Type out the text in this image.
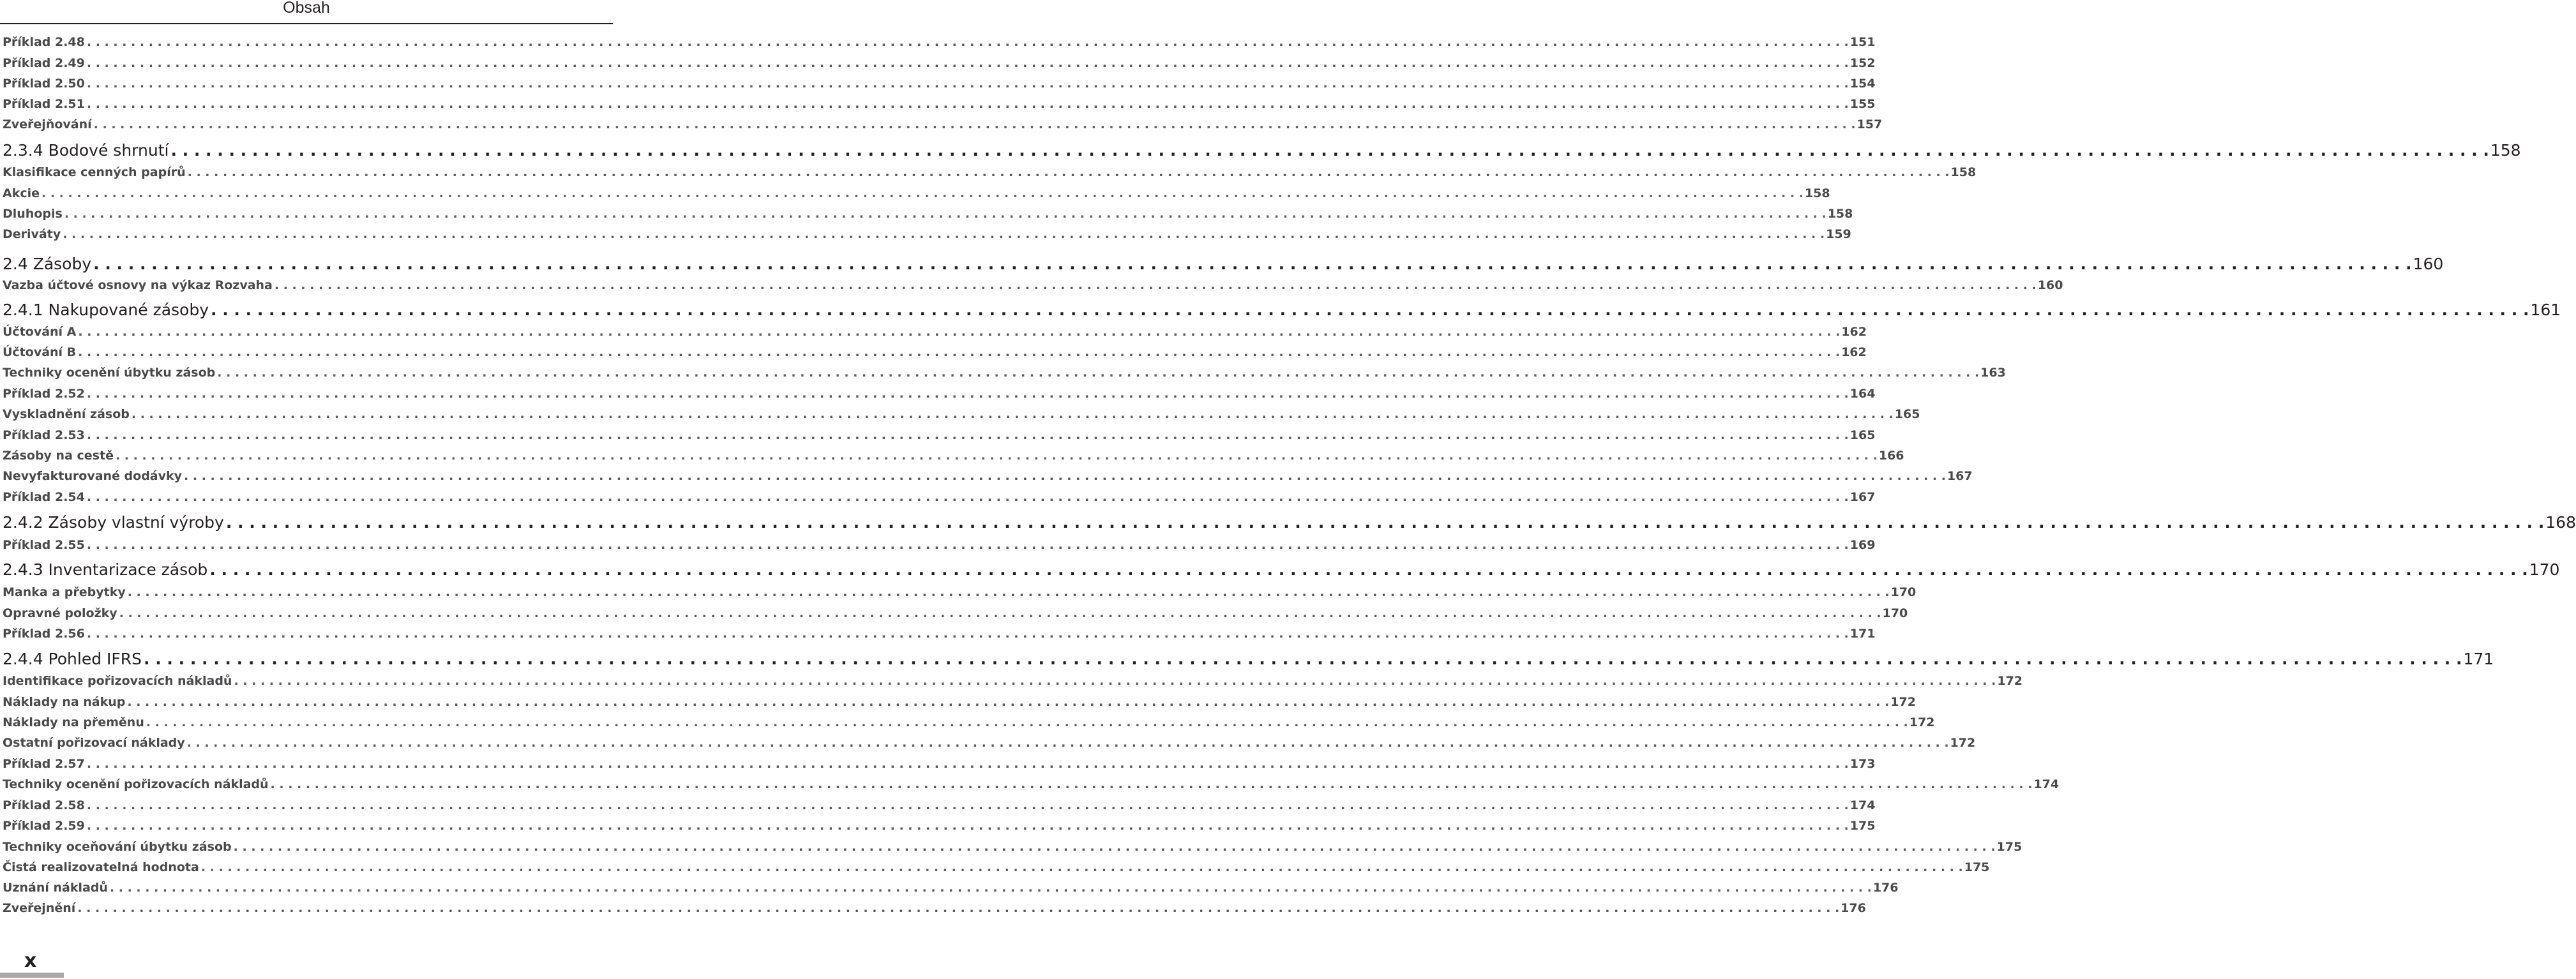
Obsah
Příklad 2.48 . . . . . . . . . . . . . . . . . . . . . . . . . . . . . . . . . . . . . . . . . . . . . . . . . . . . . . . . . . . . . . . . . . . . . . . . . . . . . . . . . . . . . . . . . . . . . . . . . . . . . . . . . . . . . . . . . . . . . . . . . . . . . . . . . . . . . . . . . . . . . . . . . . . . . . . . . . . . . . . . . . . . . . . . . . . . . . . . . . . . . . . . . . . . . . . . . . . . . . . . 151
Příklad 2.49 . . . . . . . . . . . . . . . . . . . . . . . . . . . . . . . . . . . . . . . . . . . . . . . . . . . . . . . . . . . . . . . . . . . . . . . . . . . . . . . . . . . . . . . . . . . . . . . . . . . . . . . . . . . . . . . . . . . . . . . . . . . . . . . . . . . . . . . . . . . . . . . . . . . . . . . . . . . . . . . . . . . . . . . . . . . . . . . . . . . . . . . . . . . . . . . . . . . . . . . . 152
Příklad 2.50 . . . . . . . . . . . . . . . . . . . . . . . . . . . . . . . . . . . . . . . . . . . . . . . . . . . . . . . . . . . . . . . . . . . . . . . . . . . . . . . . . . . . . . . . . . . . . . . . . . . . . . . . . . . . . . . . . . . . . . . . . . . . . . . . . . . . . . . . . . . . . . . . . . . . . . . . . . . . . . . . . . . . . . . . . . . . . . . . . . . . . . . . . . . . . . . . . . . . . . . . 154
Příklad 2.51 . . . . . . . . . . . . . . . . . . . . . . . . . . . . . . . . . . . . . . . . . . . . . . . . . . . . . . . . . . . . . . . . . . . . . . . . . . . . . . . . . . . . . . . . . . . . . . . . . . . . . . . . . . . . . . . . . . . . . . . . . . . . . . . . . . . . . . . . . . . . . . . . . . . . . . . . . . . . . . . . . . . . . . . . . . . . . . . . . . . . . . . . . . . . . . . . . . . . . . . . 155
Zveřejňování . . . . . . . . . . . . . . . . . . . . . . . . . . . . . . . . . . . . . . . . . . . . . . . . . . . . . . . . . . . . . . . . . . . . . . . . . . . . . . . . . . . . . . . . . . . . . . . . . . . . . . . . . . . . . . . . . . . . . . . . . . . . . . . . . . . . . . . . . . . . . . . . . . . . . . . . . . . . . . . . . . . . . . . . . . . . . . . . . . . . . . . . . . . . . . . . . . . . . . . . 157
2.3.4 Bodové shrnutí . . . . . . . . . . . . . . . . . . . . . . . . . . . . . . . . . . . . . . . . . . . . . . . . . . . . . . . . . . . . . . . . . . . . . . . . . . . . . . . . . . . . . . . . . . . . . . . . . . . . . . . . . . . . . . . . . . . . . . . . . . . . . . . . . . . . . . . . . . . . . . . . . . . . . . . . . . . . . . . . . . . . . . . . . . . . . . . . . . . . . . . . . . . . . . . . . . . . . . . . 158
Klasifikace cenných papírů . . . . . . . . . . . . . . . . . . . . . . . . . . . . . . . . . . . . . . . . . . . . . . . . . . . . . . . . . . . . . . . . . . . . . . . . . . . . . . . . . . . . . . . . . . . . . . . . . . . . . . . . . . . . . . . . . . . . . . . . . . . . . . . . . . . . . . . . . . . . . . . . . . . . . . . . . . . . . . . . . . . . . . . . . . . . . . . . . . . . . . . . . . . . . . . . . . . . . . . . 158
Akcie . . . . . . . . . . . . . . . . . . . . . . . . . . . . . . . . . . . . . . . . . . . . . . . . . . . . . . . . . . . . . . . . . . . . . . . . . . . . . . . . . . . . . . . . . . . . . . . . . . . . . . . . . . . . . . . . . . . . . . . . . . . . . . . . . . . . . . . . . . . . . . . . . . . . . . . . . . . . . . . . . . . . . . . . . . . . . . . . . . . . . . . . . . . . . . . . . . . . . . . . 158
Dluhopis . . . . . . . . . . . . . . . . . . . . . . . . . . . . . . . . . . . . . . . . . . . . . . . . . . . . . . . . . . . . . . . . . . . . . . . . . . . . . . . . . . . . . . . . . . . . . . . . . . . . . . . . . . . . . . . . . . . . . . . . . . . . . . . . . . . . . . . . . . . . . . . . . . . . . . . . . . . . . . . . . . . . . . . . . . . . . . . . . . . . . . . . . . . . . . . . . . . . . . . . 158
Deriváty . . . . . . . . . . . . . . . . . . . . . . . . . . . . . . . . . . . . . . . . . . . . . . . . . . . . . . . . . . . . . . . . . . . . . . . . . . . . . . . . . . . . . . . . . . . . . . . . . . . . . . . . . . . . . . . . . . . . . . . . . . . . . . . . . . . . . . . . . . . . . . . . . . . . . . . . . . . . . . . . . . . . . . . . . . . . . . . . . . . . . . . . . . . . . . . . . . . . . . . . 159
2.4 Zásoby . . . . . . . . . . . . . . . . . . . . . . . . . . . . . . . . . . . . . . . . . . . . . . . . . . . . . . . . . . . . . . . . . . . . . . . . . . . . . . . . . . . . . . . . . . . . . . . . . . . . . . . . . . . . . . . . . . . . . . . . . . . . . . . . . . . . . . . . . . . . . . . . . . . . . . . . . . . . . . . . . . . . . . . . . . . . . . . . . . . . . . . . . . . . . . . . . . . . . . . . 160
Vazba účtové osnovy na výkaz Rozvaha . . . . . . . . . . . . . . . . . . . . . . . . . . . . . . . . . . . . . . . . . . . . . . . . . . . . . . . . . . . . . . . . . . . . . . . . . . . . . . . . . . . . . . . . . . . . . . . . . . . . . . . . . . . . . . . . . . . . . . . . . . . . . . . . . . . . . . . . . . . . . . . . . . . . . . . . . . . . . . . . . . . . . . . . . . . . . . . . . . . . . . . . . . . . . . . . . . . . . . . . 160
2.4.1 Nakupované zásoby . . . . . . . . . . . . . . . . . . . . . . . . . . . . . . . . . . . . . . . . . . . . . . . . . . . . . . . . . . . . . . . . . . . . . . . . . . . . . . . . . . . . . . . . . . . . . . . . . . . . . . . . . . . . . . . . . . . . . . . . . . . . . . . . . . . . . . . . . . . . . . . . . . . . . . . . . . . . . . . . . . . . . . . . . . . . . . . . . . . . . . . . . . . . . . . . . . . . . . . . 161
Účtování A . . . . . . . . . . . . . . . . . . . . . . . . . . . . . . . . . . . . . . . . . . . . . . . . . . . . . . . . . . . . . . . . . . . . . . . . . . . . . . . . . . . . . . . . . . . . . . . . . . . . . . . . . . . . . . . . . . . . . . . . . . . . . . . . . . . . . . . . . . . . . . . . . . . . . . . . . . . . . . . . . . . . . . . . . . . . . . . . . . . . . . . . . . . . . . . . . . . . . . . . 162
Účtování B . . . . . . . . . . . . . . . . . . . . . . . . . . . . . . . . . . . . . . . . . . . . . . . . . . . . . . . . . . . . . . . . . . . . . . . . . . . . . . . . . . . . . . . . . . . . . . . . . . . . . . . . . . . . . . . . . . . . . . . . . . . . . . . . . . . . . . . . . . . . . . . . . . . . . . . . . . . . . . . . . . . . . . . . . . . . . . . . . . . . . . . . . . . . . . . . . . . . . . . . 162
Techniky ocenění úbytku zásob . . . . . . . . . . . . . . . . . . . . . . . . . . . . . . . . . . . . . . . . . . . . . . . . . . . . . . . . . . . . . . . . . . . . . . . . . . . . . . . . . . . . . . . . . . . . . . . . . . . . . . . . . . . . . . . . . . . . . . . . . . . . . . . . . . . . . . . . . . . . . . . . . . . . . . . . . . . . . . . . . . . . . . . . . . . . . . . . . . . . . . . . . . . . . . . . . . . . . . . . 163
Příklad 2.52 . . . . . . . . . . . . . . . . . . . . . . . . . . . . . . . . . . . . . . . . . . . . . . . . . . . . . . . . . . . . . . . . . . . . . . . . . . . . . . . . . . . . . . . . . . . . . . . . . . . . . . . . . . . . . . . . . . . . . . . . . . . . . . . . . . . . . . . . . . . . . . . . . . . . . . . . . . . . . . . . . . . . . . . . . . . . . . . . . . . . . . . . . . . . . . . . . . . . . . . . 164
Vyskladnění zásob . . . . . . . . . . . . . . . . . . . . . . . . . . . . . . . . . . . . . . . . . . . . . . . . . . . . . . . . . . . . . . . . . . . . . . . . . . . . . . . . . . . . . . . . . . . . . . . . . . . . . . . . . . . . . . . . . . . . . . . . . . . . . . . . . . . . . . . . . . . . . . . . . . . . . . . . . . . . . . . . . . . . . . . . . . . . . . . . . . . . . . . . . . . . . . . . . . . . . . . . 165
Příklad 2.53 . . . . . . . . . . . . . . . . . . . . . . . . . . . . . . . . . . . . . . . . . . . . . . . . . . . . . . . . . . . . . . . . . . . . . . . . . . . . . . . . . . . . . . . . . . . . . . . . . . . . . . . . . . . . . . . . . . . . . . . . . . . . . . . . . . . . . . . . . . . . . . . . . . . . . . . . . . . . . . . . . . . . . . . . . . . . . . . . . . . . . . . . . . . . . . . . . . . . . . . . 165
Zásoby na cestě . . . . . . . . . . . . . . . . . . . . . . . . . . . . . . . . . . . . . . . . . . . . . . . . . . . . . . . . . . . . . . . . . . . . . . . . . . . . . . . . . . . . . . . . . . . . . . . . . . . . . . . . . . . . . . . . . . . . . . . . . . . . . . . . . . . . . . . . . . . . . . . . . . . . . . . . . . . . . . . . . . . . . . . . . . . . . . . . . . . . . . . . . . . . . . . . . . . . . . . . 166
Nevyfakturované dodávky . . . . . . . . . . . . . . . . . . . . . . . . . . . . . . . . . . . . . . . . . . . . . . . . . . . . . . . . . . . . . . . . . . . . . . . . . . . . . . . . . . . . . . . . . . . . . . . . . . . . . . . . . . . . . . . . . . . . . . . . . . . . . . . . . . . . . . . . . . . . . . . . . . . . . . . . . . . . . . . . . . . . . . . . . . . . . . . . . . . . . . . . . . . . . . . . . . . . . . . . 167
Příklad 2.54 . . . . . . . . . . . . . . . . . . . . . . . . . . . . . . . . . . . . . . . . . . . . . . . . . . . . . . . . . . . . . . . . . . . . . . . . . . . . . . . . . . . . . . . . . . . . . . . . . . . . . . . . . . . . . . . . . . . . . . . . . . . . . . . . . . . . . . . . . . . . . . . . . . . . . . . . . . . . . . . . . . . . . . . . . . . . . . . . . . . . . . . . . . . . . . . . . . . . . . . . 167
2.4.2 Zásoby vlastní výroby . . . . . . . . . . . . . . . . . . . . . . . . . . . . . . . . . . . . . . . . . . . . . . . . . . . . . . . . . . . . . . . . . . . . . . . . . . . . . . . . . . . . . . . . . . . . . . . . . . . . . . . . . . . . . . . . . . . . . . . . . . . . . . . . . . . . . . . . . . . . . . . . . . . . . . . . . . . . . . . . . . . . . . . . . . . . . . . . . . . . . . . . . . . . . . . . . . . . . . . . 168
Příklad 2.55 . . . . . . . . . . . . . . . . . . . . . . . . . . . . . . . . . . . . . . . . . . . . . . . . . . . . . . . . . . . . . . . . . . . . . . . . . . . . . . . . . . . . . . . . . . . . . . . . . . . . . . . . . . . . . . . . . . . . . . . . . . . . . . . . . . . . . . . . . . . . . . . . . . . . . . . . . . . . . . . . . . . . . . . . . . . . . . . . . . . . . . . . . . . . . . . . . . . . . . . . 169
2.4.3 Inventarizace zásob . . . . . . . . . . . . . . . . . . . . . . . . . . . . . . . . . . . . . . . . . . . . . . . . . . . . . . . . . . . . . . . . . . . . . . . . . . . . . . . . . . . . . . . . . . . . . . . . . . . . . . . . . . . . . . . . . . . . . . . . . . . . . . . . . . . . . . . . . . . . . . . . . . . . . . . . . . . . . . . . . . . . . . . . . . . . . . . . . . . . . . . . . . . . . . . . . . . . . . . . 170
Manka a přebytky . . . . . . . . . . . . . . . . . . . . . . . . . . . . . . . . . . . . . . . . . . . . . . . . . . . . . . . . . . . . . . . . . . . . . . . . . . . . . . . . . . . . . . . . . . . . . . . . . . . . . . . . . . . . . . . . . . . . . . . . . . . . . . . . . . . . . . . . . . . . . . . . . . . . . . . . . . . . . . . . . . . . . . . . . . . . . . . . . . . . . . . . . . . . . . . . . . . . . . . . 170
Opravné položky . . . . . . . . . . . . . . . . . . . . . . . . . . . . . . . . . . . . . . . . . . . . . . . . . . . . . . . . . . . . . . . . . . . . . . . . . . . . . . . . . . . . . . . . . . . . . . . . . . . . . . . . . . . . . . . . . . . . . . . . . . . . . . . . . . . . . . . . . . . . . . . . . . . . . . . . . . . . . . . . . . . . . . . . . . . . . . . . . . . . . . . . . . . . . . . . . . . . . . . . 170
Příklad 2.56 . . . . . . . . . . . . . . . . . . . . . . . . . . . . . . . . . . . . . . . . . . . . . . . . . . . . . . . . . . . . . . . . . . . . . . . . . . . . . . . . . . . . . . . . . . . . . . . . . . . . . . . . . . . . . . . . . . . . . . . . . . . . . . . . . . . . . . . . . . . . . . . . . . . . . . . . . . . . . . . . . . . . . . . . . . . . . . . . . . . . . . . . . . . . . . . . . . . . . . . . 171
2.4.4 Pohled IFRS . . . . . . . . . . . . . . . . . . . . . . . . . . . . . . . . . . . . . . . . . . . . . . . . . . . . . . . . . . . . . . . . . . . . . . . . . . . . . . . . . . . . . . . . . . . . . . . . . . . . . . . . . . . . . . . . . . . . . . . . . . . . . . . . . . . . . . . . . . . . . . . . . . . . . . . . . . . . . . . . . . . . . . . . . . . . . . . . . . . . . . . . . . . . . . . . . . . . . . . . 171
Identifikace pořizovacích nákladů . . . . . . . . . . . . . . . . . . . . . . . . . . . . . . . . . . . . . . . . . . . . . . . . . . . . . . . . . . . . . . . . . . . . . . . . . . . . . . . . . . . . . . . . . . . . . . . . . . . . . . . . . . . . . . . . . . . . . . . . . . . . . . . . . . . . . . . . . . . . . . . . . . . . . . . . . . . . . . . . . . . . . . . . . . . . . . . . . . . . . . . . . . . . . . . . . . . . . . . . 172
Náklady na nákup . . . . . . . . . . . . . . . . . . . . . . . . . . . . . . . . . . . . . . . . . . . . . . . . . . . . . . . . . . . . . . . . . . . . . . . . . . . . . . . . . . . . . . . . . . . . . . . . . . . . . . . . . . . . . . . . . . . . . . . . . . . . . . . . . . . . . . . . . . . . . . . . . . . . . . . . . . . . . . . . . . . . . . . . . . . . . . . . . . . . . . . . . . . . . . . . . . . . . . . . 172
Náklady na přeměnu . . . . . . . . . . . . . . . . . . . . . . . . . . . . . . . . . . . . . . . . . . . . . . . . . . . . . . . . . . . . . . . . . . . . . . . . . . . . . . . . . . . . . . . . . . . . . . . . . . . . . . . . . . . . . . . . . . . . . . . . . . . . . . . . . . . . . . . . . . . . . . . . . . . . . . . . . . . . . . . . . . . . . . . . . . . . . . . . . . . . . . . . . . . . . . . . . . . . . . . . 172
Ostatní pořizovací náklady . . . . . . . . . . . . . . . . . . . . . . . . . . . . . . . . . . . . . . . . . . . . . . . . . . . . . . . . . . . . . . . . . . . . . . . . . . . . . . . . . . . . . . . . . . . . . . . . . . . . . . . . . . . . . . . . . . . . . . . . . . . . . . . . . . . . . . . . . . . . . . . . . . . . . . . . . . . . . . . . . . . . . . . . . . . . . . . . . . . . . . . . . . . . . . . . . . . . . . . . 172
Příklad 2.57 . . . . . . . . . . . . . . . . . . . . . . . . . . . . . . . . . . . . . . . . . . . . . . . . . . . . . . . . . . . . . . . . . . . . . . . . . . . . . . . . . . . . . . . . . . . . . . . . . . . . . . . . . . . . . . . . . . . . . . . . . . . . . . . . . . . . . . . . . . . . . . . . . . . . . . . . . . . . . . . . . . . . . . . . . . . . . . . . . . . . . . . . . . . . . . . . . . . . . . . . 173
Techniky ocenění pořizovacích nákladů . . . . . . . . . . . . . . . . . . . . . . . . . . . . . . . . . . . . . . . . . . . . . . . . . . . . . . . . . . . . . . . . . . . . . . . . . . . . . . . . . . . . . . . . . . . . . . . . . . . . . . . . . . . . . . . . . . . . . . . . . . . . . . . . . . . . . . . . . . . . . . . . . . . . . . . . . . . . . . . . . . . . . . . . . . . . . . . . . . . . . . . . . . . . . . . . . . . . . . . . 174
Příklad 2.58 . . . . . . . . . . . . . . . . . . . . . . . . . . . . . . . . . . . . . . . . . . . . . . . . . . . . . . . . . . . . . . . . . . . . . . . . . . . . . . . . . . . . . . . . . . . . . . . . . . . . . . . . . . . . . . . . . . . . . . . . . . . . . . . . . . . . . . . . . . . . . . . . . . . . . . . . . . . . . . . . . . . . . . . . . . . . . . . . . . . . . . . . . . . . . . . . . . . . . . . . 174
Příklad 2.59 . . . . . . . . . . . . . . . . . . . . . . . . . . . . . . . . . . . . . . . . . . . . . . . . . . . . . . . . . . . . . . . . . . . . . . . . . . . . . . . . . . . . . . . . . . . . . . . . . . . . . . . . . . . . . . . . . . . . . . . . . . . . . . . . . . . . . . . . . . . . . . . . . . . . . . . . . . . . . . . . . . . . . . . . . . . . . . . . . . . . . . . . . . . . . . . . . . . . . . . . 175
Techniky oceňování úbytku zásob . . . . . . . . . . . . . . . . . . . . . . . . . . . . . . . . . . . . . . . . . . . . . . . . . . . . . . . . . . . . . . . . . . . . . . . . . . . . . . . . . . . . . . . . . . . . . . . . . . . . . . . . . . . . . . . . . . . . . . . . . . . . . . . . . . . . . . . . . . . . . . . . . . . . . . . . . . . . . . . . . . . . . . . . . . . . . . . . . . . . . . . . . . . . . . . . . . . . . . . . 175
Čistá realizovatelná hodnota . . . . . . . . . . . . . . . . . . . . . . . . . . . . . . . . . . . . . . . . . . . . . . . . . . . . . . . . . . . . . . . . . . . . . . . . . . . . . . . . . . . . . . . . . . . . . . . . . . . . . . . . . . . . . . . . . . . . . . . . . . . . . . . . . . . . . . . . . . . . . . . . . . . . . . . . . . . . . . . . . . . . . . . . . . . . . . . . . . . . . . . . . . . . . . . . . . . . . . . . 175
Uznání nákladů . . . . . . . . . . . . . . . . . . . . . . . . . . . . . . . . . . . . . . . . . . . . . . . . . . . . . . . . . . . . . . . . . . . . . . . . . . . . . . . . . . . . . . . . . . . . . . . . . . . . . . . . . . . . . . . . . . . . . . . . . . . . . . . . . . . . . . . . . . . . . . . . . . . . . . . . . . . . . . . . . . . . . . . . . . . . . . . . . . . . . . . . . . . . . . . . . . . . . . . . 176
Zveřejnění . . . . . . . . . . . . . . . . . . . . . . . . . . . . . . . . . . . . . . . . . . . . . . . . . . . . . . . . . . . . . . . . . . . . . . . . . . . . . . . . . . . . . . . . . . . . . . . . . . . . . . . . . . . . . . . . . . . . . . . . . . . . . . . . . . . . . . . . . . . . . . . . . . . . . . . . . . . . . . . . . . . . . . . . . . . . . . . . . . . . . . . . . . . . . . . . . . . . . . . . 176
x
